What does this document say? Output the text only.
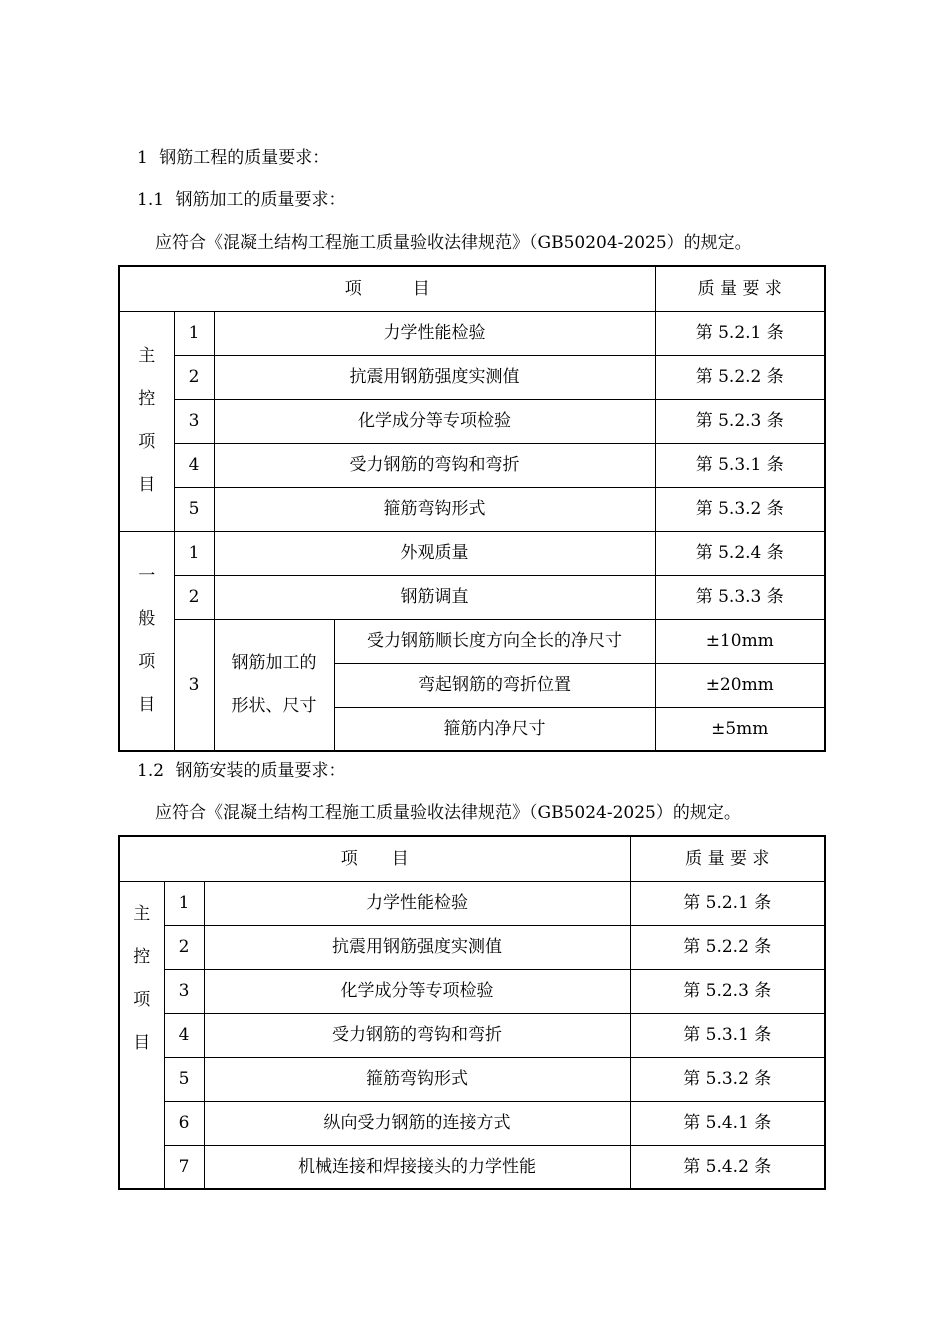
1 钢筋工程的质量要求：
1.1 钢筋加工的质量要求：
应符合《混凝土结构工程施工质量验收法律规范》（GB50204-2025）的规定。
项　　　目				质 量 要 求

主
控
项
目	1	力学性能检验		第 5.2.1 条
	2	抗震用钢筋强度实测值		第 5.2.2 条
	3	化学成分等专项检验		第 5.2.3 条
	4	受力钢筋的弯钩和弯折		第 5.3.1 条
	5	箍筋弯钩形式		第 5.3.2 条

一
般
项
目	1	外观质量		第 5.2.4 条
	2	钢筋调直		第 5.3.3 条
	3	钢筋加工的
形状、尺寸	受力钢筋顺长度方向全长的净尺寸	±10mm
			弯起钢筋的弯折位置	±20mm
			箍筋内净尺寸	±5mm
1.2 钢筋安装的质量要求：
应符合《混凝土结构工程施工质量验收法律规范》（GB5024-2025）的规定。
项　　目			质 量 要 求

主
控
项
目	1	力学性能检验	第 5.2.1 条
	2	抗震用钢筋强度实测值	第 5.2.2 条
	3	化学成分等专项检验	第 5.2.3 条
	4	受力钢筋的弯钩和弯折	第 5.3.1 条
	5	箍筋弯钩形式	第 5.3.2 条
	6	纵向受力钢筋的连接方式	第 5.4.1 条
	7	机械连接和焊接接头的力学性能	第 5.4.2 条
